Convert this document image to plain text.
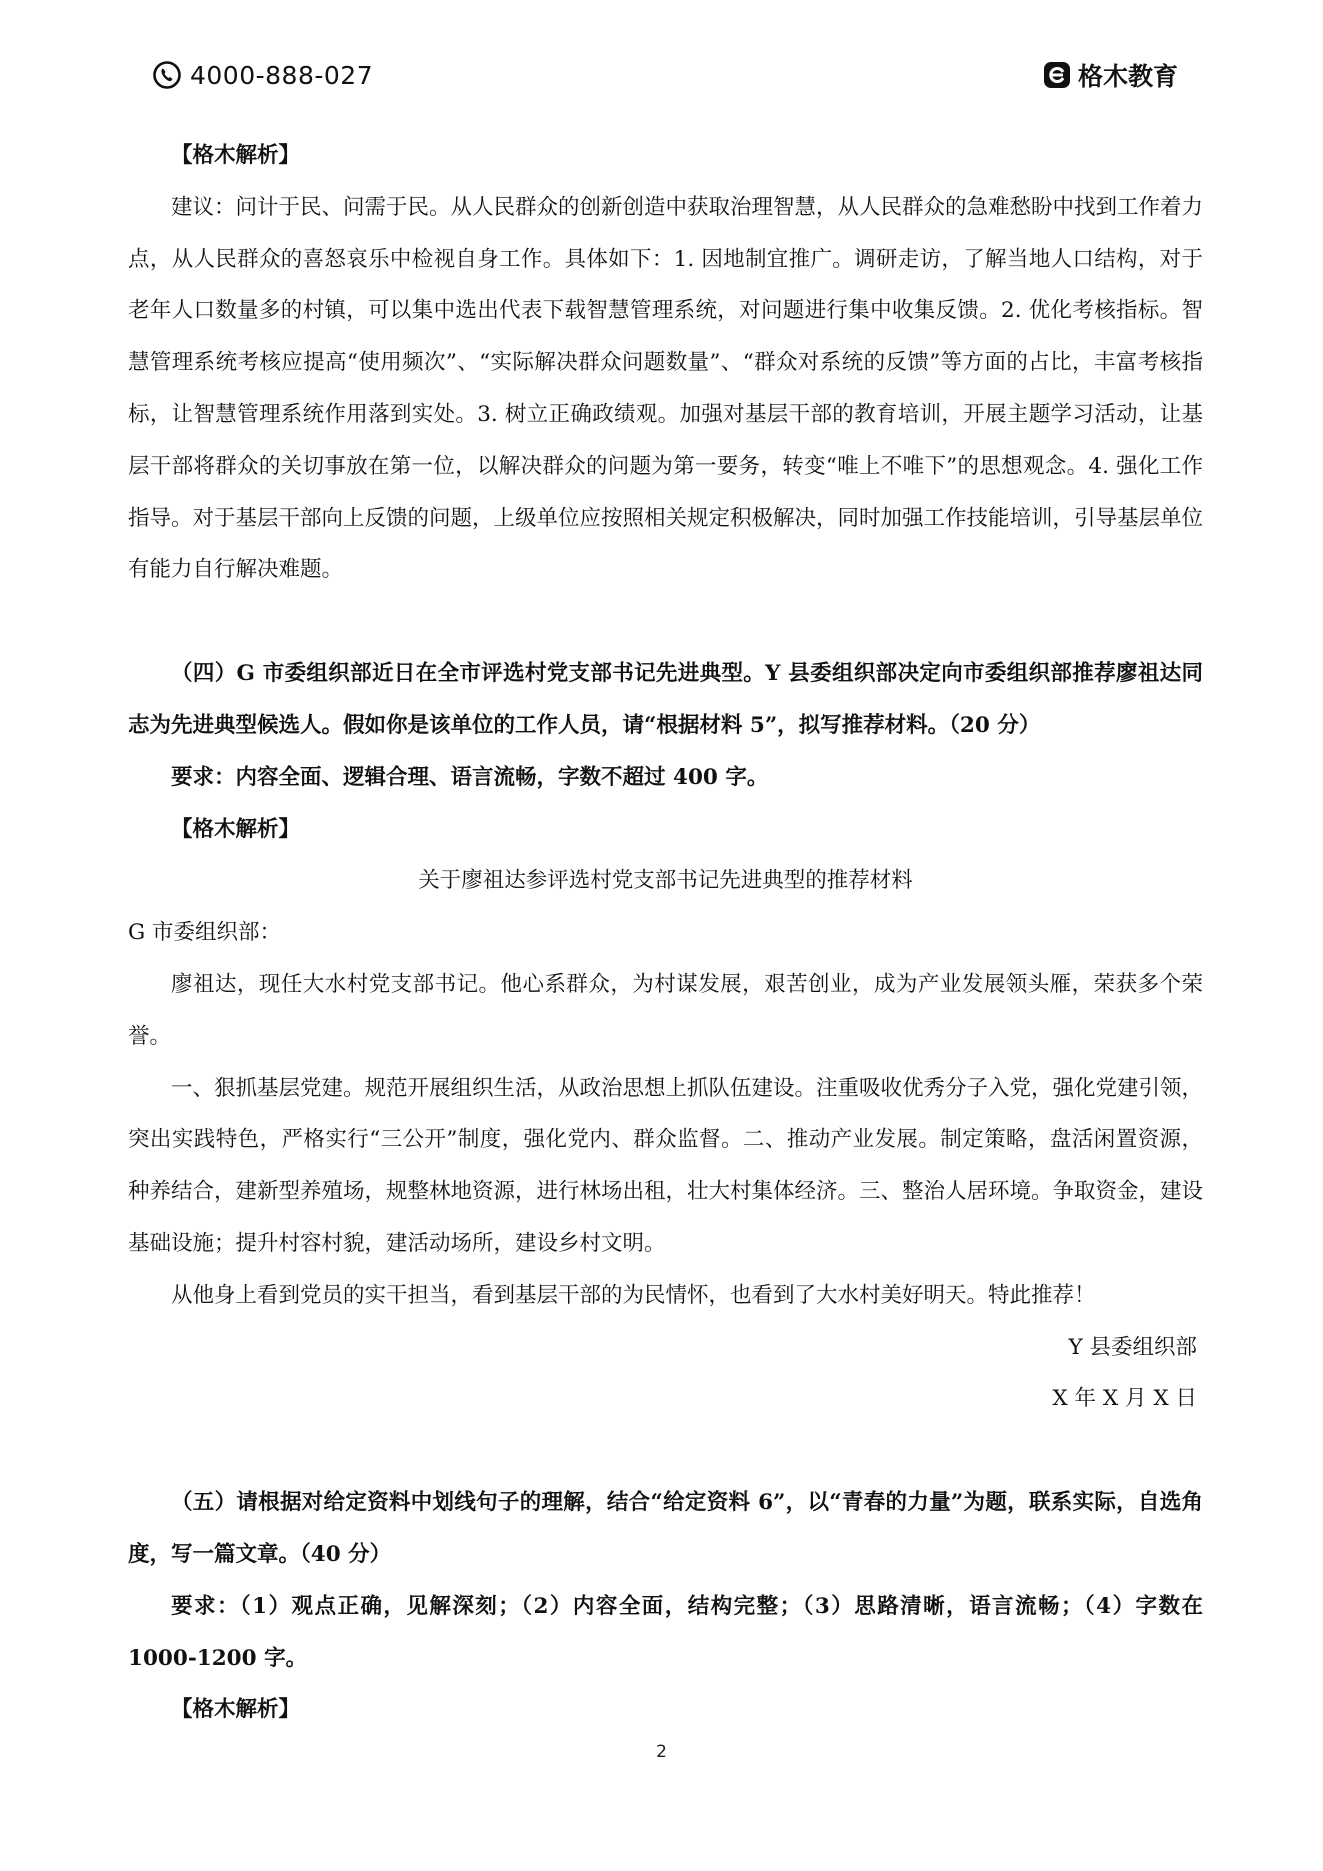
4000-888-027	格木教育

【格木解析】

建议：问计于民、问需于民。从人民群众的创新创造中获取治理智慧，从人民群众的急难愁盼中找到工作着力点，从人民群众的喜怒哀乐中检视自身工作。具体如下：1. 因地制宜推广。调研走访，了解当地人口结构，对于老年人口数量多的村镇，可以集中选出代表下载智慧管理系统，对问题进行集中收集反馈。2. 优化考核指标。智慧管理系统考核应提高“使用频次”、“实际解决群众问题数量”、“群众对系统的反馈”等方面的占比，丰富考核指标，让智慧管理系统作用落到实处。3. 树立正确政绩观。加强对基层干部的教育培训，开展主题学习活动，让基层干部将群众的关切事放在第一位，以解决群众的问题为第一要务，转变“唯上不唯下”的思想观念。4. 强化工作指导。对于基层干部向上反馈的问题，上级单位应按照相关规定积极解决，同时加强工作技能培训，引导基层单位有能力自行解决难题。

（四）G 市委组织部近日在全市评选村党支部书记先进典型。Y 县委组织部决定向市委组织部推荐廖祖达同志为先进典型候选人。假如你是该单位的工作人员，请“根据材料 5”，拟写推荐材料。（20 分）

要求：内容全面、逻辑合理、语言流畅，字数不超过 400 字。

【格木解析】

关于廖祖达参评选村党支部书记先进典型的推荐材料

G 市委组织部：

廖祖达，现任大水村党支部书记。他心系群众，为村谋发展，艰苦创业，成为产业发展领头雁，荣获多个荣誉。

一、狠抓基层党建。规范开展组织生活，从政治思想上抓队伍建设。注重吸收优秀分子入党，强化党建引领，突出实践特色，严格实行“三公开”制度，强化党内、群众监督。二、推动产业发展。制定策略，盘活闲置资源，种养结合，建新型养殖场，规整林地资源，进行林场出租，壮大村集体经济。三、整治人居环境。争取资金，建设基础设施；提升村容村貌，建活动场所，建设乡村文明。

从他身上看到党员的实干担当，看到基层干部的为民情怀，也看到了大水村美好明天。特此推荐！

Y 县委组织部

X 年 X 月 X 日

（五）请根据对给定资料中划线句子的理解，结合“给定资料 6”，以“青春的力量”为题，联系实际，自选角度，写一篇文章。（40 分）

要求：（1）观点正确，见解深刻；（2）内容全面，结构完整；（3）思路清晰，语言流畅；（4）字数在 1000-1200 字。

【格木解析】

2
